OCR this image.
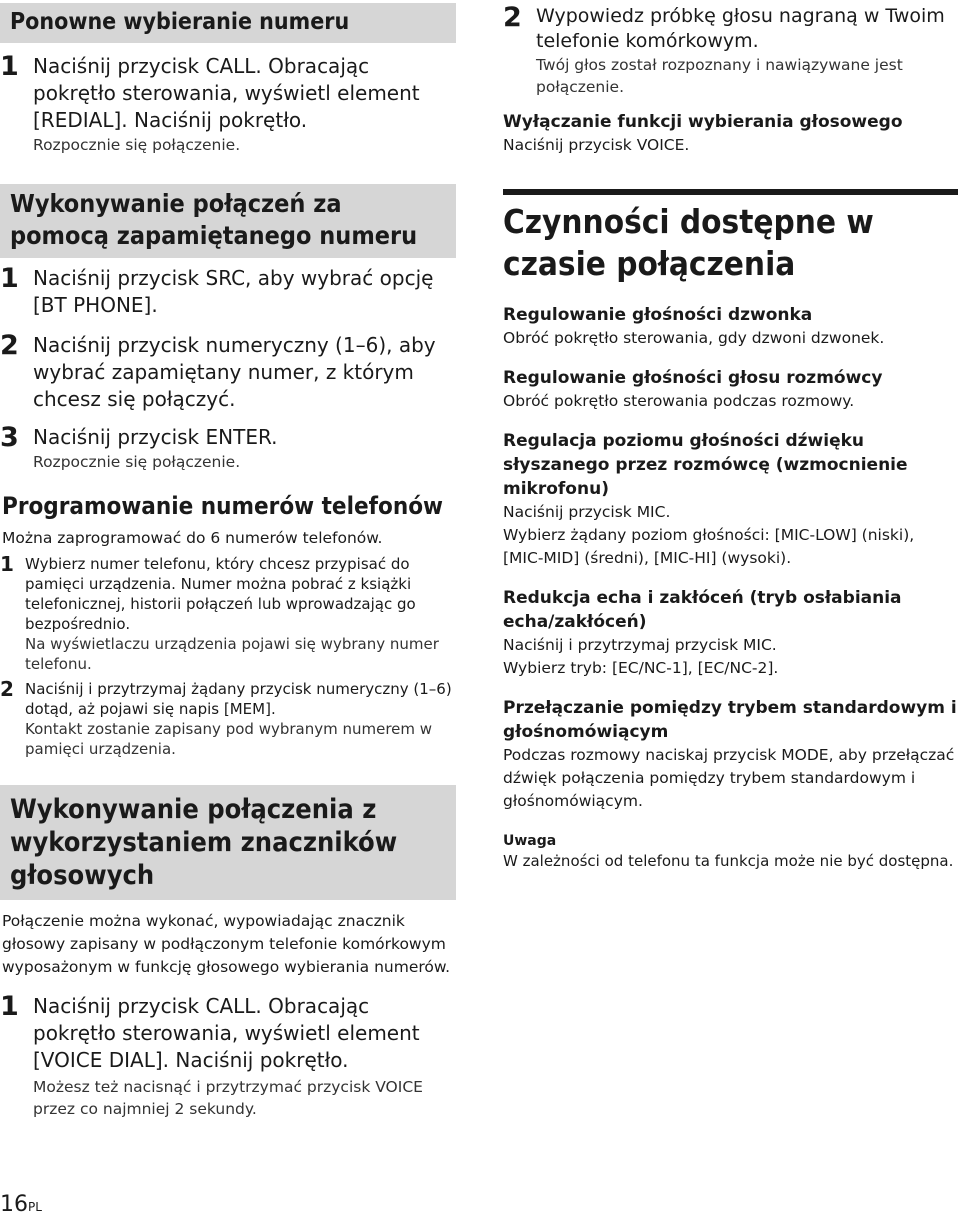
Ponowne wybieranie numeru
1 Naciśnij przycisk CALL. Obracając pokrętło sterowania, wyświetl element [REDIAL]. Naciśnij pokrętło.

Rozpocznie się połączenie.

Wykonywanie połączeń za pomocą zapamiętanego numeru
1 Naciśnij przycisk SRC, aby wybrać opcję [BT PHONE].

2 Naciśnij przycisk numeryczny (1–6), aby wybrać zapamiętany numer, z którym chcesz się połączyć.

3 Naciśnij przycisk ENTER.

Rozpocznie się połączenie.

Programowanie numerów telefonów

Można zaprogramować do 6 numerów telefonów.

1 Wybierz numer telefonu, który chcesz przypisać do pamięci urządzenia. Numer można pobrać z książki telefonicznej, historii połączeń lub wprowadzając go bezpośrednio.

Na wyświetlaczu urządzenia pojawi się wybrany numer telefonu.

2 Naciśnij i przytrzymaj żądany przycisk numeryczny (1–6) dotąd, aż pojawi się napis [MEM].

Kontakt zostanie zapisany pod wybranym numerem w pamięci urządzenia.

Wykonywanie połączenia z wykorzystaniem znaczników głosowych

Połączenie można wykonać, wypowiadając znacznik głosowy zapisany w podłączonym telefonie komórkowym wyposażonym w funkcję głosowego wybierania numerów.

1 Naciśnij przycisk CALL. Obracając pokrętło sterowania, wyświetl element [VOICE DIAL]. Naciśnij pokrętło.

Możesz też nacisnąć i przytrzymać przycisk VOICE przez co najmniej 2 sekundy.

2 Wypowiedz próbkę głosu nagraną w Twoim telefonie komórkowym.

Twój głos został rozpoznany i nawiązywane jest połączenie.

Wyłączanie funkcji wybierania głosowego

Naciśnij przycisk VOICE.

Czynności dostępne w czasie połączenia

Regulowanie głośności dzwonka

Obróć pokrętło sterowania, gdy dzwoni dzwonek.

Regulowanie głośności głosu rozmówcy

Obróć pokrętło sterowania podczas rozmowy.

Regulacja poziomu głośności dźwięku słyszanego przez rozmówcę (wzmocnienie mikrofonu)

Naciśnij przycisk MIC.

Wybierz żądany poziom głośności: [MIC-LOW] (niski), [MIC-MID] (średni), [MIC-HI] (wysoki).

Redukcja echa i zakłóceń (tryb osłabiania echa/zakłóceń)

Naciśnij i przytrzymaj przycisk MIC.

Wybierz tryb: [EC/NC-1], [EC/NC-2].

Przełączanie pomiędzy trybem standardowym i głośnomówiącym

Podczas rozmowy naciskaj przycisk MODE, aby przełączać dźwięk połączenia pomiędzy trybem standardowym i głośnomówiącym.

Uwaga

W zależności od telefonu ta funkcja może nie być dostępna.

16PL
